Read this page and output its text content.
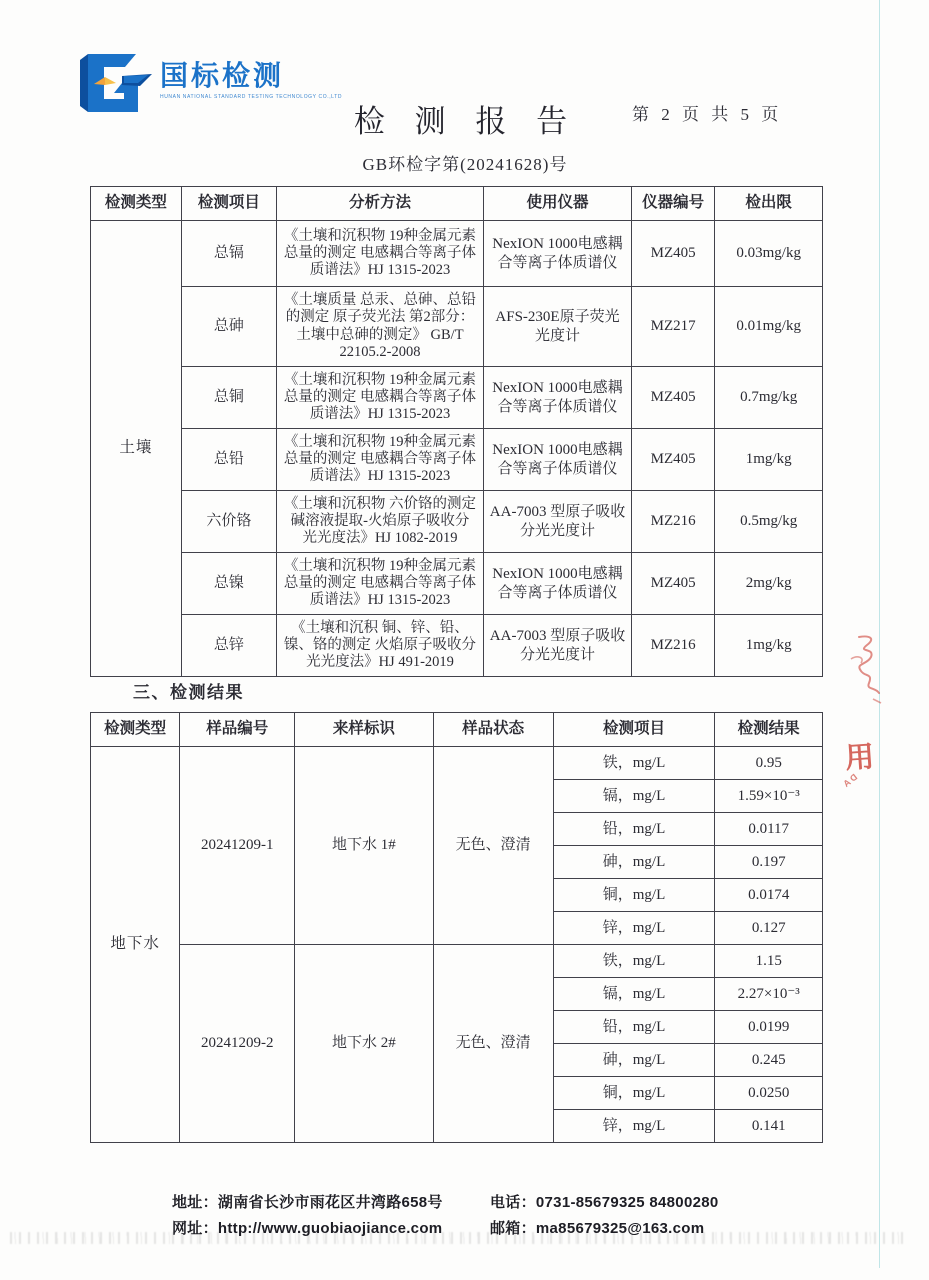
国标检测
HUNAN NATIONAL STANDARD TESTING TECHNOLOGY CO.,LTD
检 测 报 告
GB环检字第(20241628)号
第 2 页 共 5 页
检测类型	检测项目	分析方法	使用仪器	仪器编号	检出限
土壤	总镉	《土壤和沉积物 19种金属元素总量的测定 电感耦合等离子体质谱法》HJ 1315-2023	NexION 1000电感耦合等离子体质谱仪	MZ405	0.03mg/kg
	总砷	《土壤质量 总汞、总砷、总铅的测定 原子荧光法 第2部分：土壤中总砷的测定》 GB/T 22105.2-2008	AFS-230E原子荧光光度计	MZ217	0.01mg/kg
	总铜	《土壤和沉积物 19种金属元素总量的测定 电感耦合等离子体质谱法》HJ 1315-2023	NexION 1000电感耦合等离子体质谱仪	MZ405	0.7mg/kg
	总铅	《土壤和沉积物 19种金属元素总量的测定 电感耦合等离子体质谱法》HJ 1315-2023	NexION 1000电感耦合等离子体质谱仪	MZ405	1mg/kg
	六价铬	《土壤和沉积物 六价铬的测定 碱溶液提取-火焰原子吸收分光光度法》HJ 1082-2019	AA-7003 型原子吸收分光光度计	MZ216	0.5mg/kg
	总镍	《土壤和沉积物 19种金属元素总量的测定 电感耦合等离子体质谱法》HJ 1315-2023	NexION 1000电感耦合等离子体质谱仪	MZ405	2mg/kg
	总锌	《土壤和沉积 铜、锌、铅、镍、铬的测定 火焰原子吸收分光光度法》HJ 491-2019	AA-7003 型原子吸收分光光度计	MZ216	1mg/kg
三、检测结果
检测类型	样品编号	来样标识	样品状态	检测项目	检测结果
地下水	20241209-1	地下水 1#	无色、澄清	铁，mg/L	0.95
				镉，mg/L	1.59×10⁻³
				铅，mg/L	0.0117
				砷，mg/L	0.197
				铜，mg/L	0.0174
				锌，mg/L	0.127
	20241209-2	地下水 2#	无色、澄清	铁，mg/L	1.15
				镉，mg/L	2.27×10⁻³
				铅，mg/L	0.0199
				砷，mg/L	0.245
				铜，mg/L	0.0250
				锌，mg/L	0.141
用
DA
地址：湖南省长沙市雨花区井湾路658号	电话：0731-85679325 84800280
网址：http://www.guobiaojiance.com	邮箱：ma85679325@163.com
